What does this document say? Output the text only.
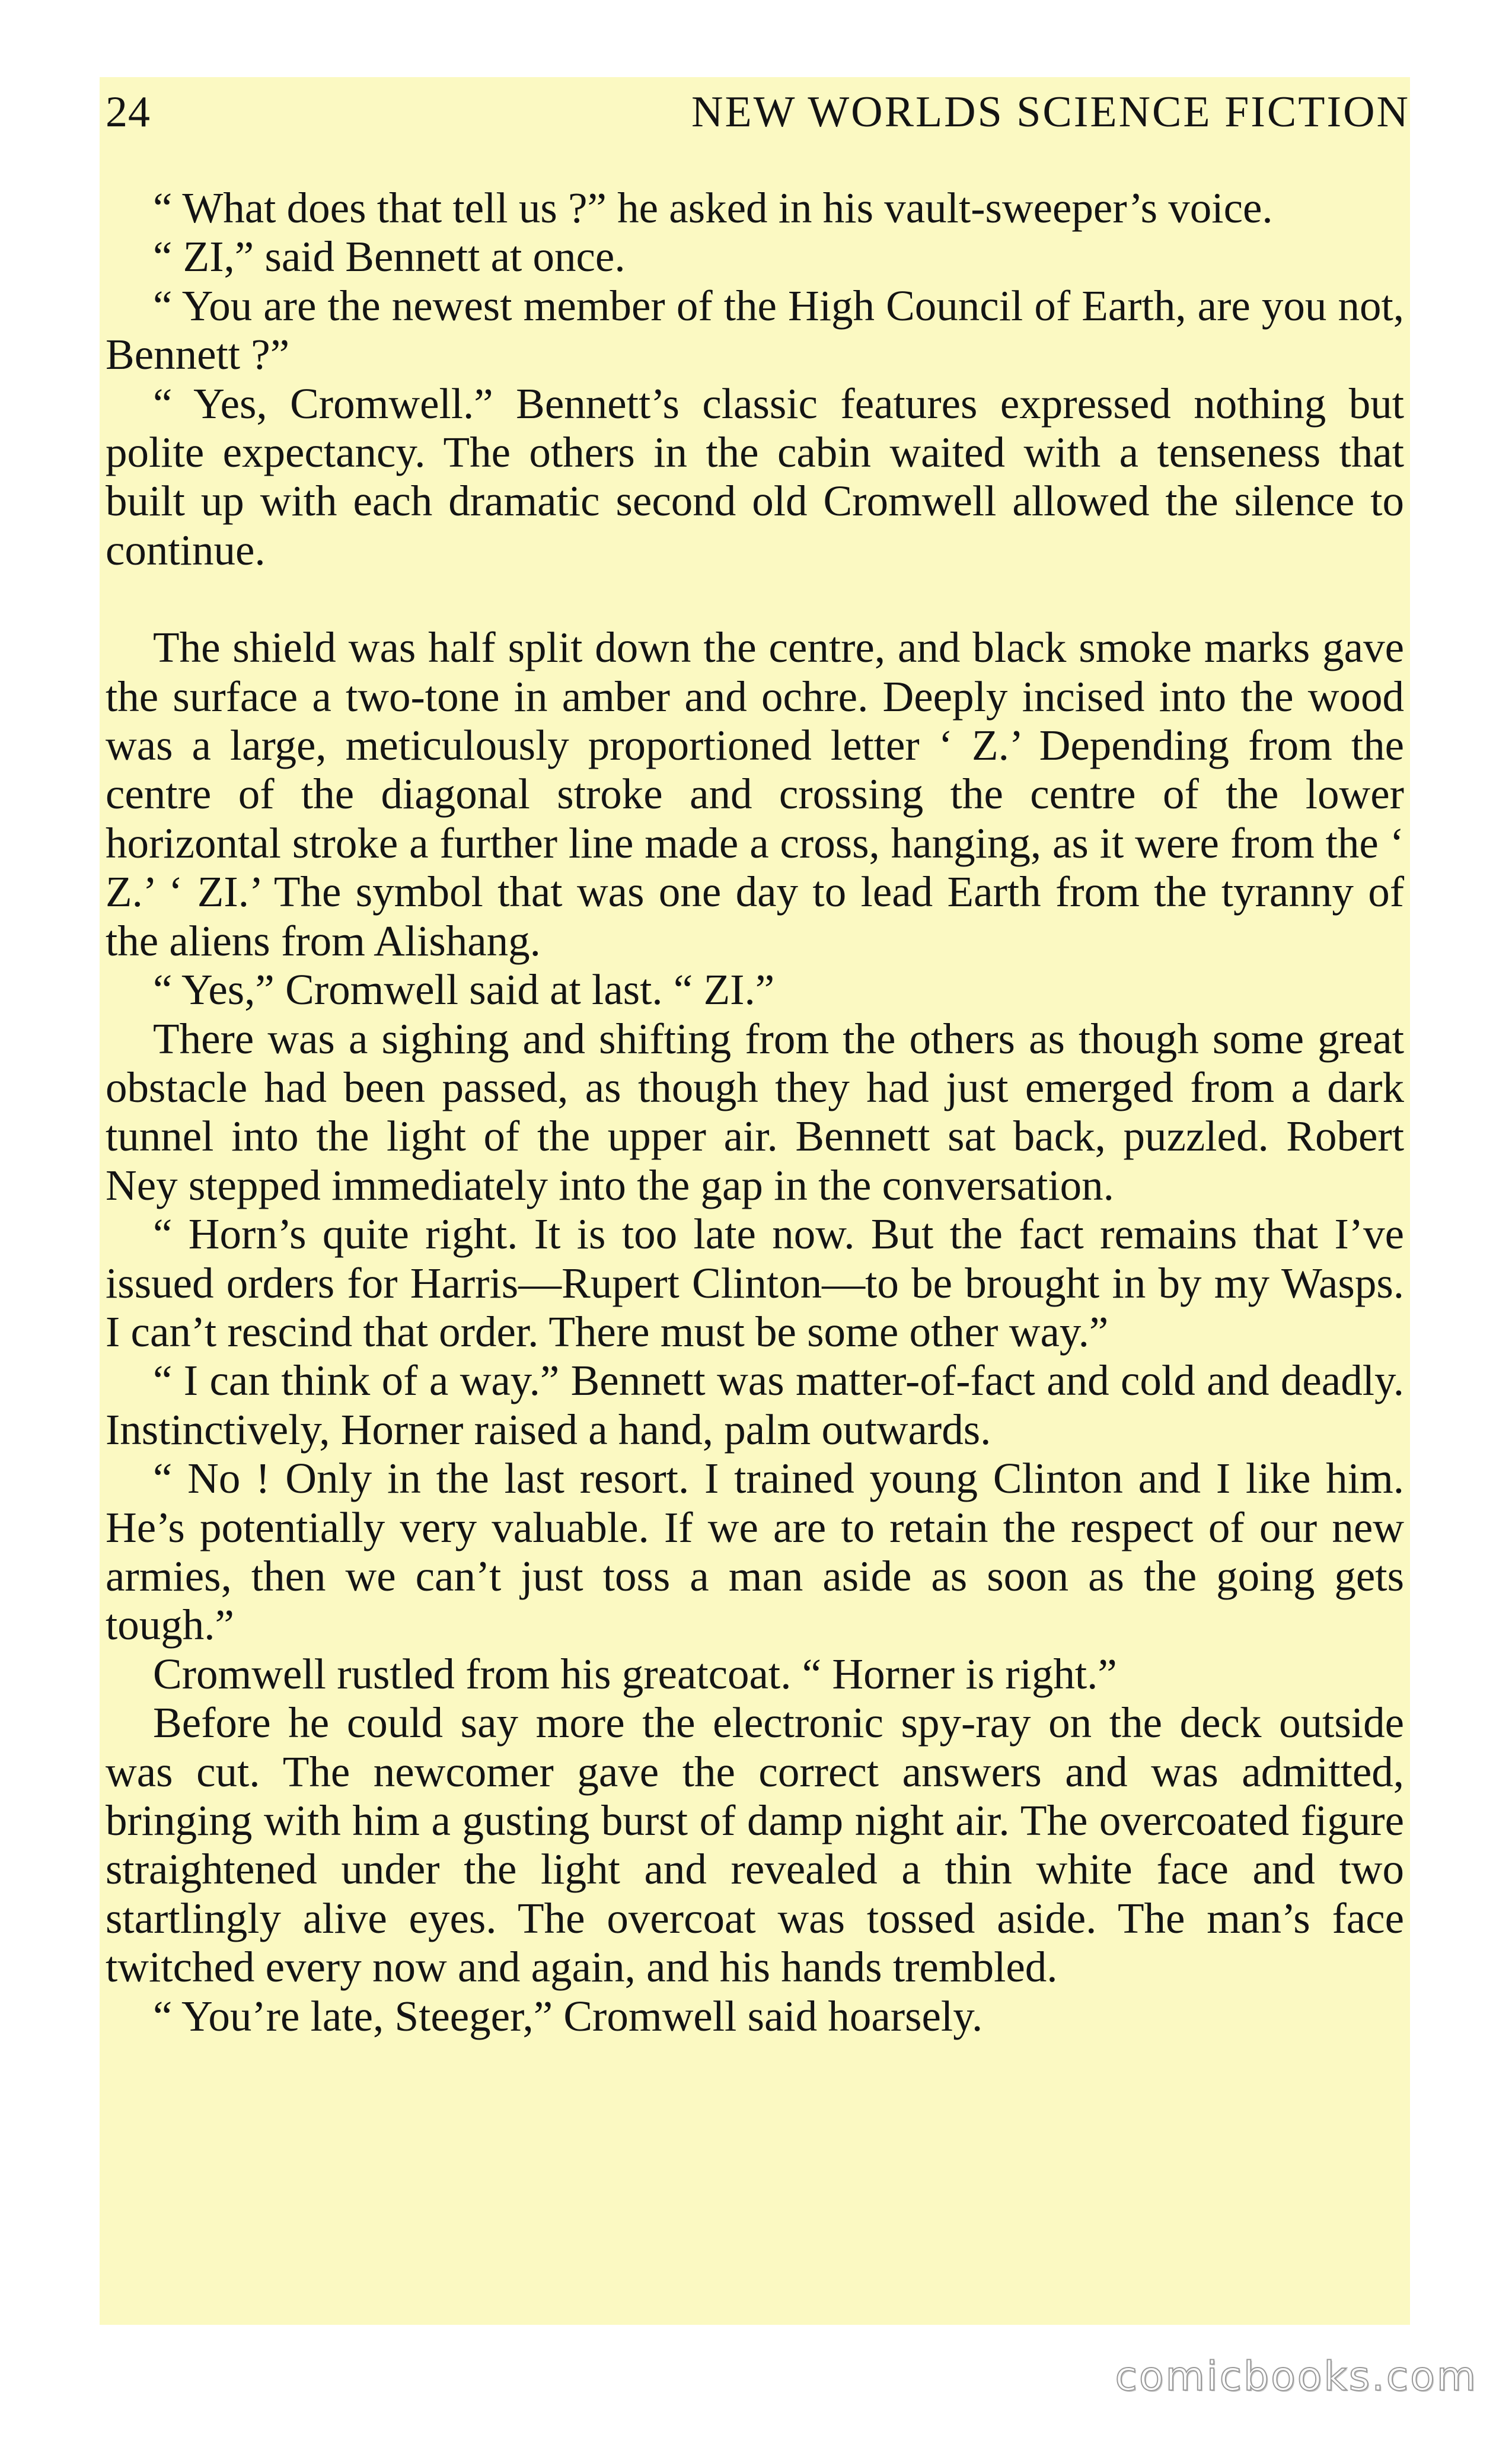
24	NEW WORLDS SCIENCE FICTION

“ What does that tell us ?” he asked in his vault-sweeper’s voice.

“ ZI,” said Bennett at once.

“ You are the newest member of the High Council of Earth, are you not, Bennett ?”

“ Yes, Cromwell.” Bennett’s classic features expressed nothing but polite expectancy. The others in the cabin waited with a tenseness that built up with each dramatic second old Cromwell allowed the silence to continue.

The shield was half split down the centre, and black smoke marks gave the surface a two-tone in amber and ochre. Deeply incised into the wood was a large, meticulously proportioned letter ‘ Z.’ Depending from the centre of the diagonal stroke and crossing the centre of the lower horizontal stroke a further line made a cross, hanging, as it were from the ‘ Z.’ ‘ ZI.’ The symbol that was one day to lead Earth from the tyranny of the aliens from Alishang.

“ Yes,” Cromwell said at last. “ ZI.”

There was a sighing and shifting from the others as though some great obstacle had been passed, as though they had just emerged from a dark tunnel into the light of the upper air. Bennett sat back, puzzled. Robert Ney stepped immediately into the gap in the conversation.

“ Horn’s quite right. It is too late now. But the fact remains that I’ve issued orders for Harris—Rupert Clinton—to be brought in by my Wasps. I can’t rescind that order. There must be some other way.”

“ I can think of a way.” Bennett was matter-of-fact and cold and deadly. Instinctively, Horner raised a hand, palm outwards.

“ No ! Only in the last resort. I trained young Clinton and I like him. He’s potentially very valuable. If we are to retain the respect of our new armies, then we can’t just toss a man aside as soon as the going gets tough.”

Cromwell rustled from his greatcoat. “ Horner is right.”

Before he could say more the electronic spy-ray on the deck outside was cut. The newcomer gave the correct answers and was admitted, bringing with him a gusting burst of damp night air. The overcoated figure straightened under the light and revealed a thin white face and two startlingly alive eyes. The overcoat was tossed aside. The man’s face twitched every now and again, and his hands trembled.

“ You’re late, Steeger,” Cromwell said hoarsely.

comicbooks.com
